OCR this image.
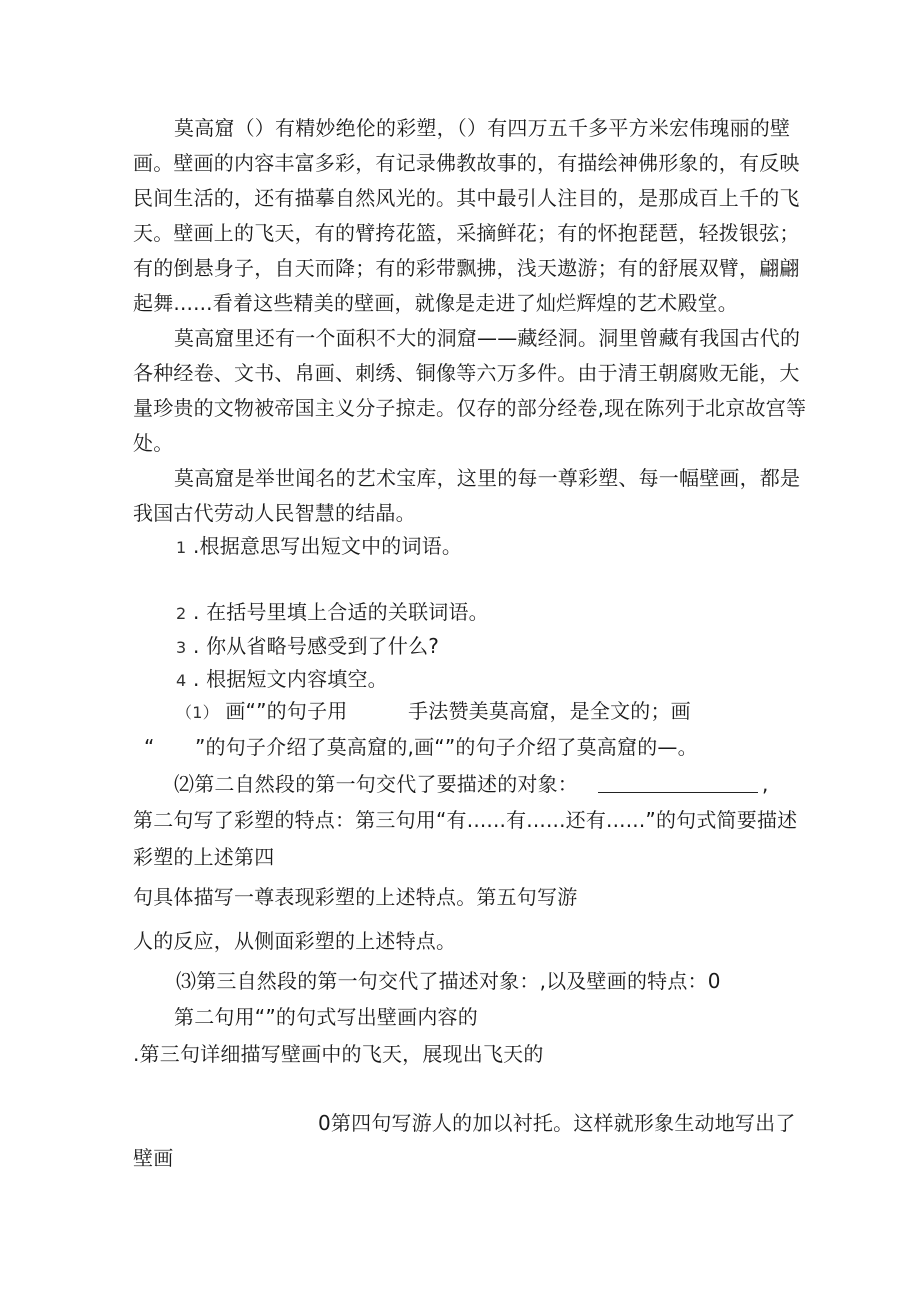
莫高窟（）有精妙绝伦的彩塑，（）有四万五千多平方米宏伟瑰丽的壁
画。壁画的内容丰富多彩，有记录佛教故事的，有描绘神佛形象的，有反映
民间生活的，还有描摹自然风光的。其中最引人注目的，是那成百上千的飞
天。壁画上的飞天，有的臂挎花篮，采摘鲜花；有的怀抱琵琶，轻拨银弦；
有的倒悬身子，自天而降；有的彩带飘拂，浅天遨游；有的舒展双臂，翩翩
起舞......看着这些精美的壁画，就像是走进了灿烂辉煌的艺术殿堂。
莫高窟里还有一个面积不大的洞窟——藏经洞。洞里曾藏有我国古代的
各种经卷、文书、帛画、刺绣、铜像等六万多件。由于清王朝腐败无能，大
量珍贵的文物被帝国主义分子掠走。仅存的部分经卷,现在陈列于北京故宫等
处。
莫高窟是举世闻名的艺术宝库，这里的每一尊彩塑、每一幅壁画，都是
我国古代劳动人民智慧的结晶。
1 .根据意思写出短文中的词语。
2 . 在括号里填上合适的关联词语。
3 . 你从省略号感受到了什么?
4 . 根据短文内容填空。
（1） 画“”的句子用　　　手法赞美莫高窟，是全文的；画
“　　”的句子介绍了莫高窟的,画“”的句子介绍了莫高窟的—。
⑵第二自然段的第一句交代了要描述的对象：	,
第二句写了彩塑的特点：第三句用“有......有......还有......”的句式简要描述
彩塑的上述第四
句具体描写一尊表现彩塑的上述特点。第五句写游
人的反应，从侧面彩塑的上述特点。
⑶第三自然段的第一句交代了描述对象：,以及壁画的特点：0
第二句用“”的句式写出壁画内容的
.第三句详细描写壁画中的飞天，展现出飞天的
0第四句写游人的加以衬托。这样就形象生动地写出了
壁画
